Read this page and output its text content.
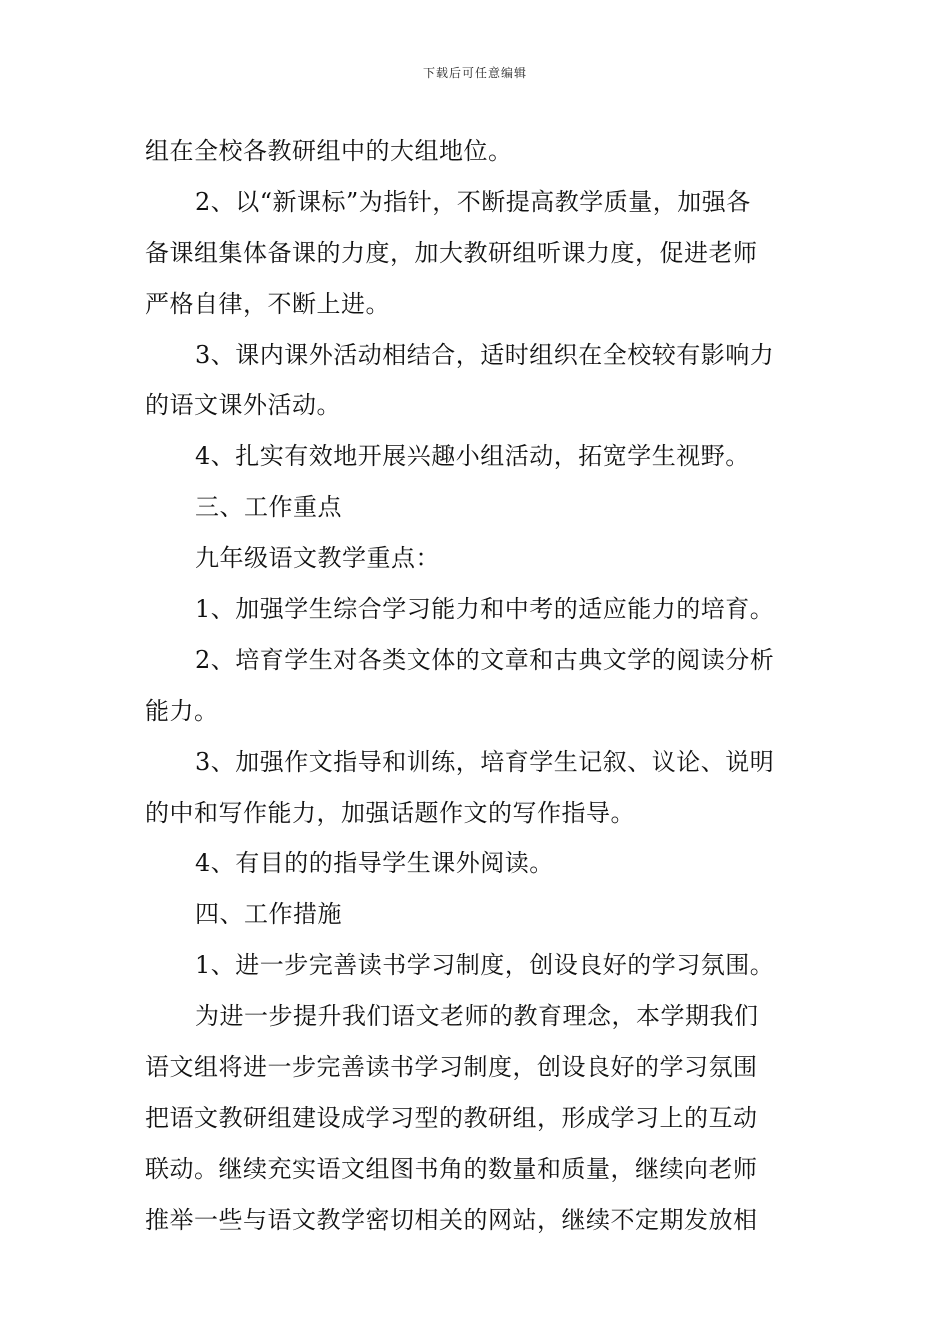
下载后可任意编辑
组在全校各教研组中的大组地位。
2、以“新课标”为指针，不断提高教学质量，加强各
备课组集体备课的力度，加大教研组听课力度，促进老师
严格自律，不断上进。
3、课内课外活动相结合，适时组织在全校较有影响力
的语文课外活动。
4、扎实有效地开展兴趣小组活动，拓宽学生视野。
三、工作重点
九年级语文教学重点：
1、加强学生综合学习能力和中考的适应能力的培育。
2、培育学生对各类文体的文章和古典文学的阅读分析
能力。
3、加强作文指导和训练，培育学生记叙、议论、说明
的中和写作能力，加强话题作文的写作指导。
4、有目的的指导学生课外阅读。
四、工作措施
1、进一步完善读书学习制度，创设良好的学习氛围。
为进一步提升我们语文老师的教育理念，本学期我们
语文组将进一步完善读书学习制度，创设良好的学习氛围
把语文教研组建设成学习型的教研组，形成学习上的互动
联动。继续充实语文组图书角的数量和质量，继续向老师
推举一些与语文教学密切相关的网站，继续不定期发放相
